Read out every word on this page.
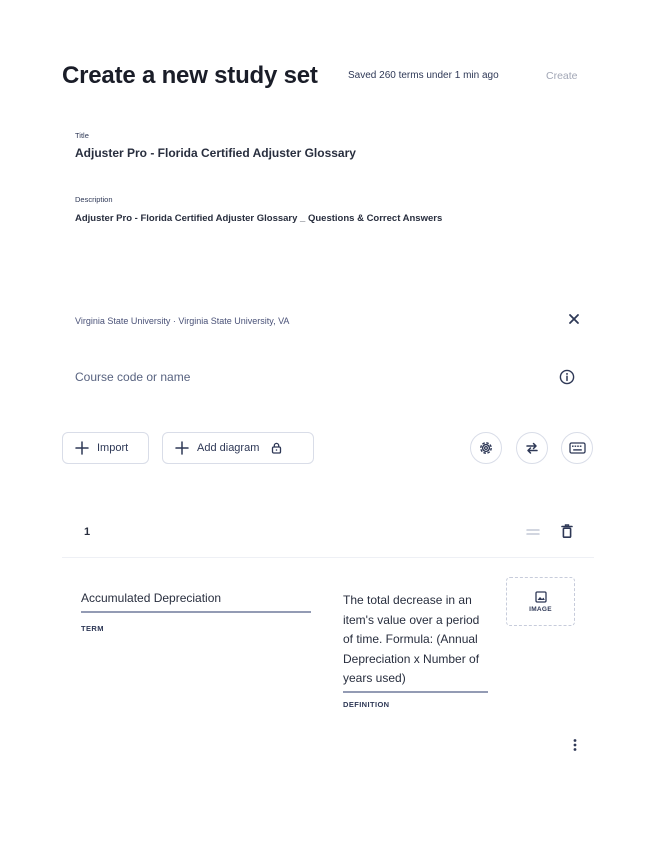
Create a new study set	Saved 260 terms under 1 min ago	Create
Title
Adjuster Pro - Florida Certified Adjuster Glossary
Description
Adjuster Pro - Florida Certified Adjuster Glossary _ Questions & Correct Answers
Virginia State University · Virginia State University, VA
Course code or name
Import	Add diagram
1
Accumulated Depreciation
TERM
The total decrease in an item's value over a period of time. Formula: (Annual Depreciation x Number of years used)
DEFINITION
IMAGE
